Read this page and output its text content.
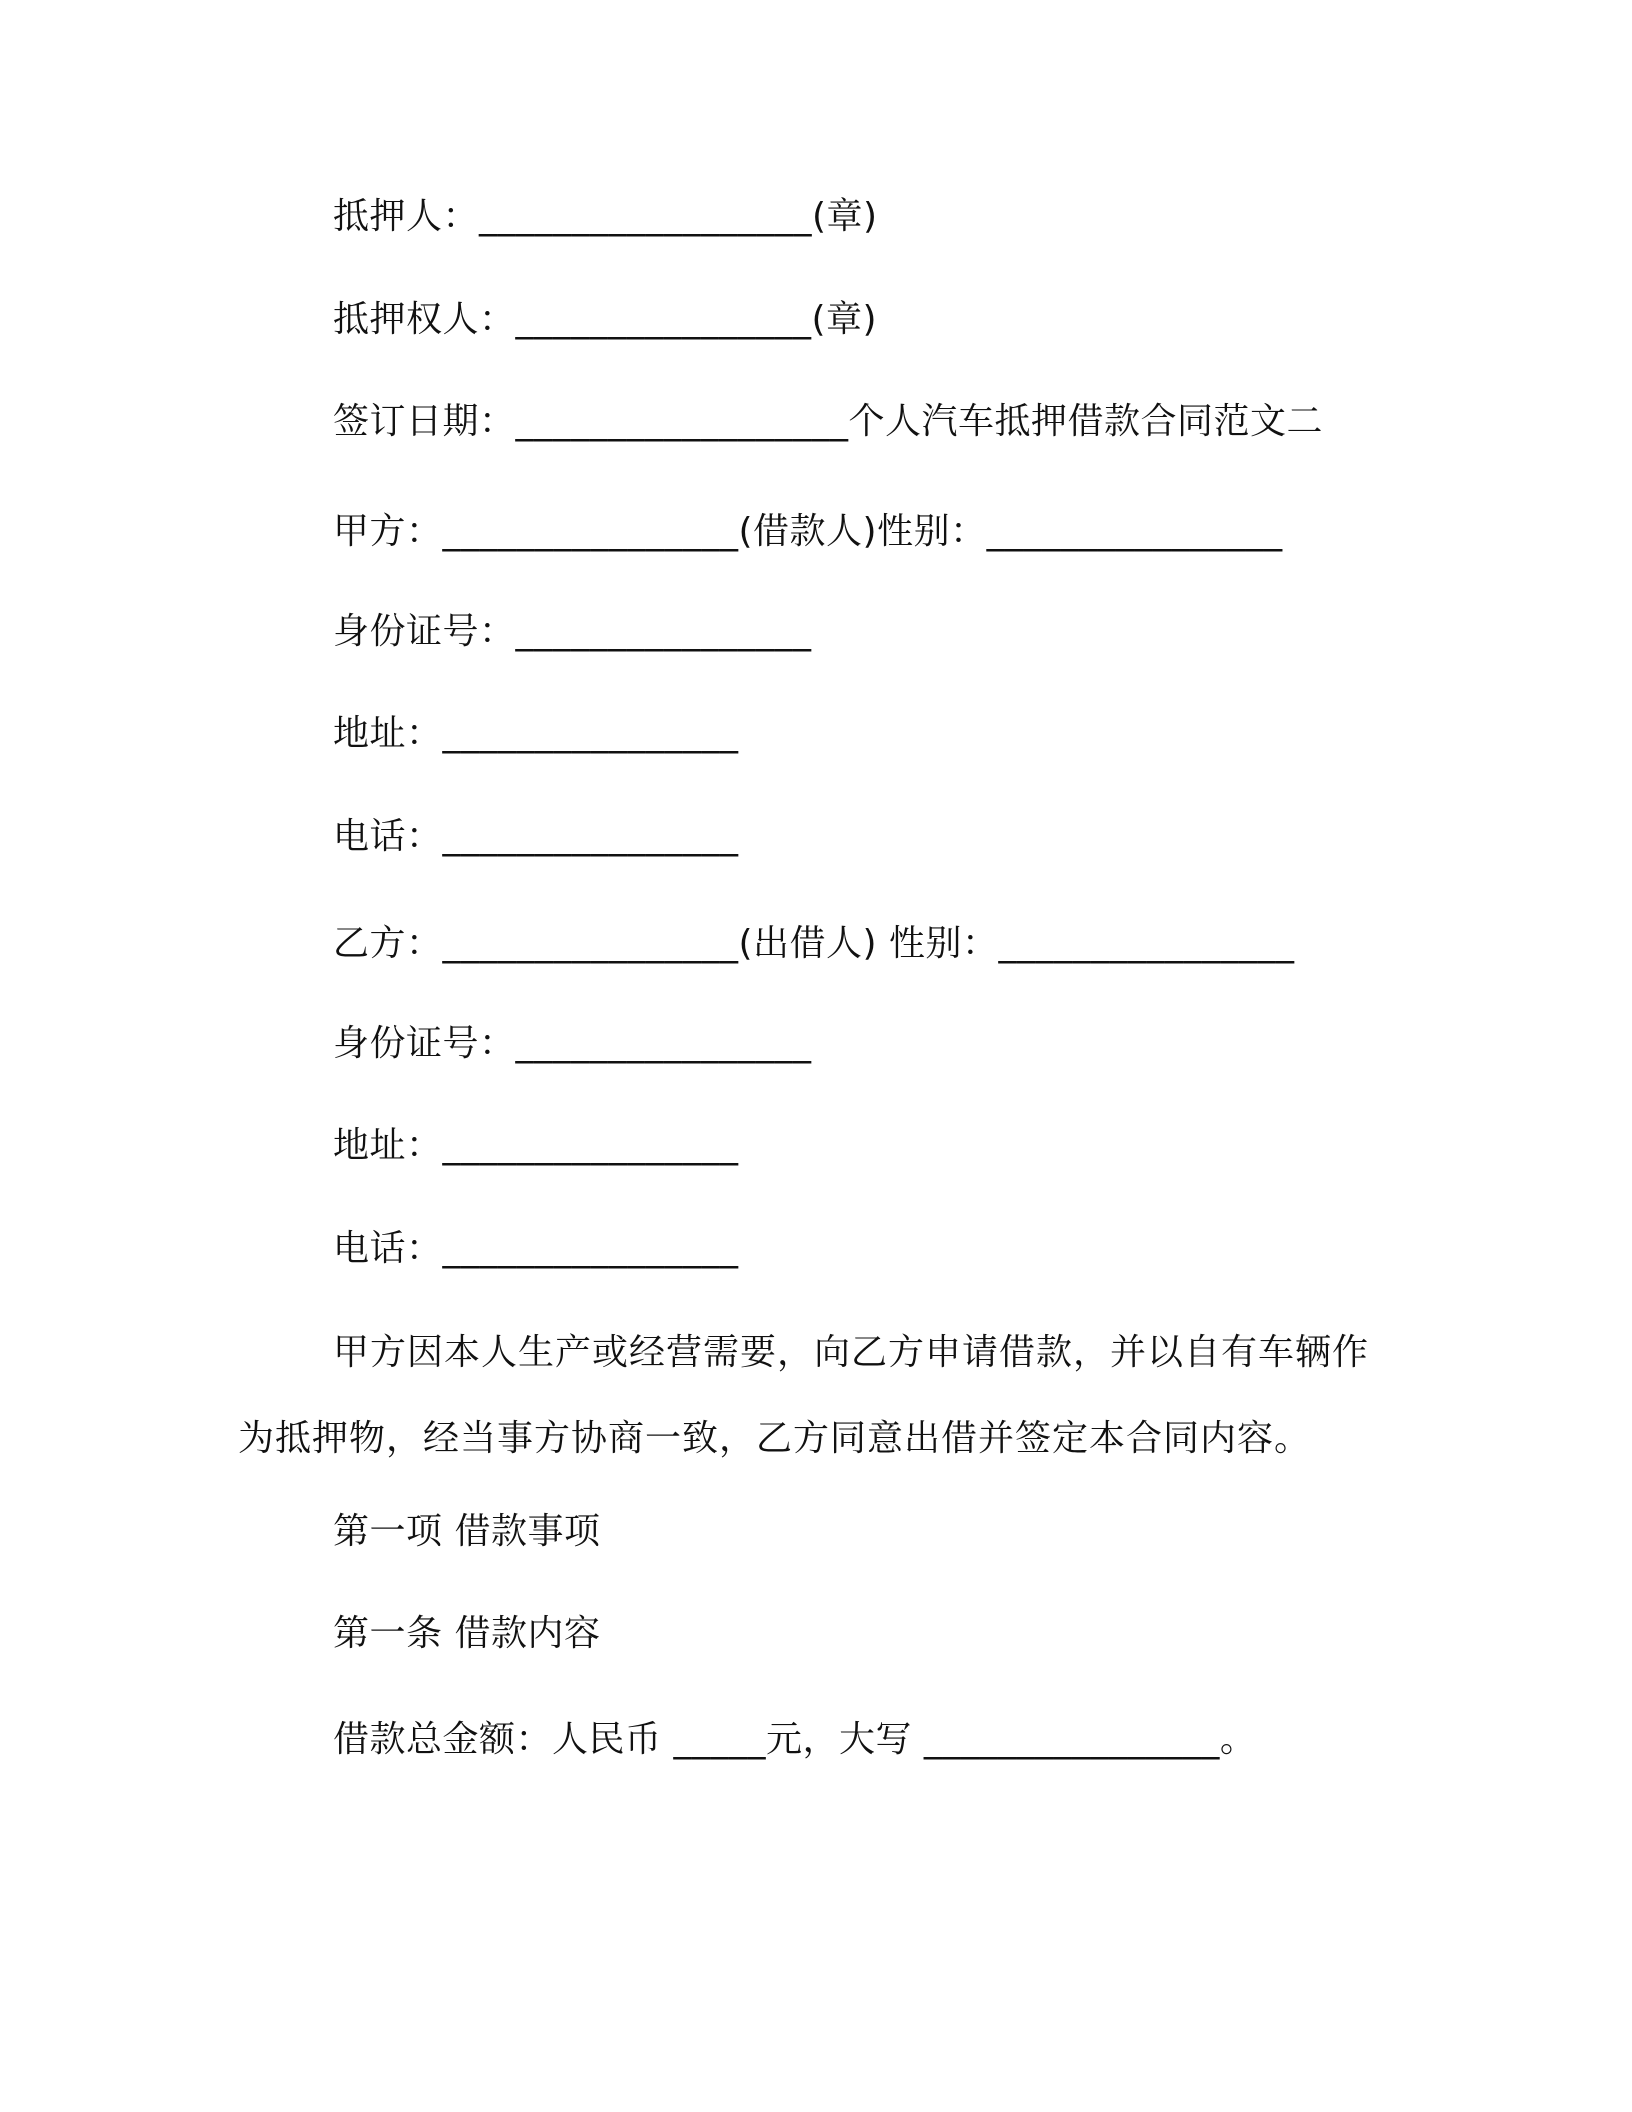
抵押人：__________________(章)
抵押权人：________________(章)
签订日期：__________________个人汽车抵押借款合同范文二
甲方：________________(借款人)性别：________________
身份证号：________________
地址：________________
电话：________________
乙方：________________(出借人) 性别：________________
身份证号：________________
地址：________________
电话：________________
甲方因本人生产或经营需要，向乙方申请借款，并以自有车辆作
为抵押物，经当事方协商一致，乙方同意出借并签定本合同内容。
第一项 借款事项
第一条 借款内容
借款总金额：人民币 _____元，大写 ________________。
